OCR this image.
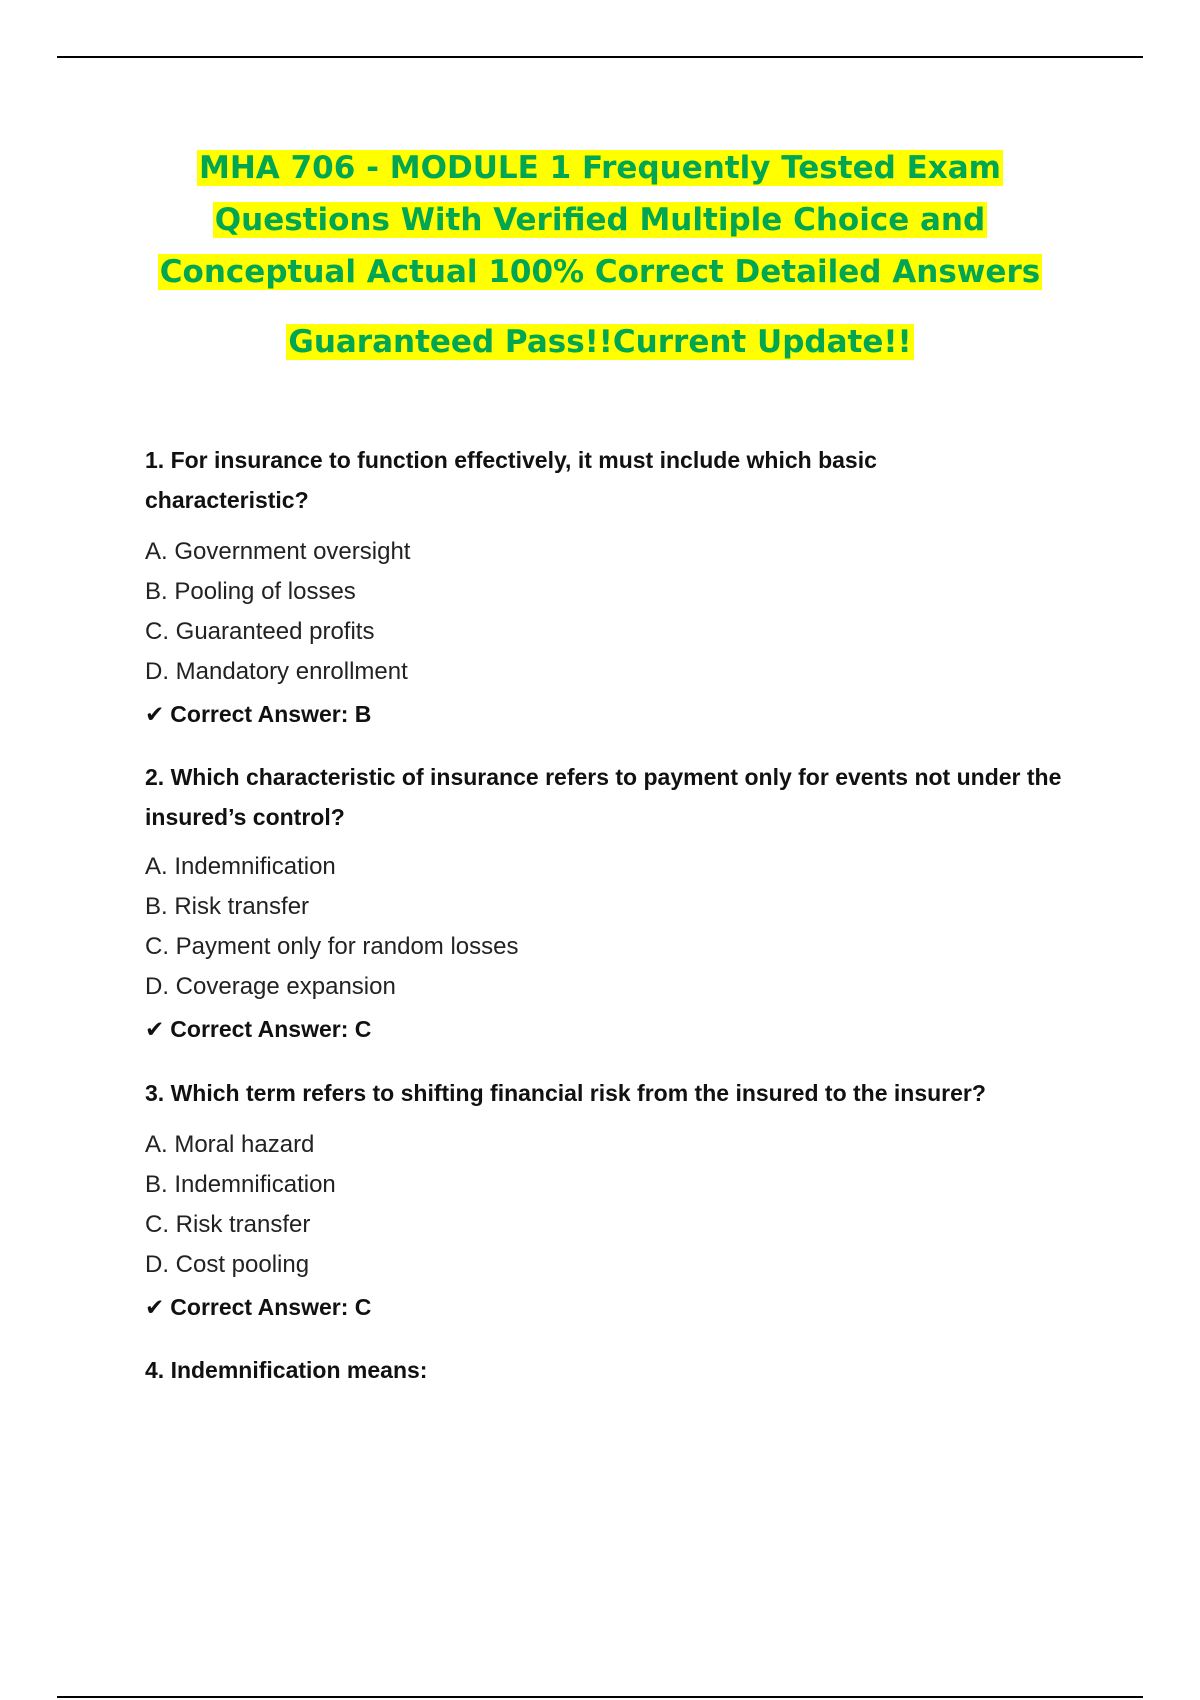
MHA 706 - MODULE 1 Frequently Tested Exam
Questions With Verified Multiple Choice and
Conceptual Actual 100% Correct Detailed Answers
Guaranteed Pass!!Current Update!!

1. For insurance to function effectively, it must include which basic characteristic?

A. Government oversight
B. Pooling of losses
C. Guaranteed profits
D. Mandatory enrollment

✔ Correct Answer: B

2. Which characteristic of insurance refers to payment only for events not under the insured’s control?

A. Indemnification
B. Risk transfer
C. Payment only for random losses
D. Coverage expansion

✔ Correct Answer: C

3. Which term refers to shifting financial risk from the insured to the insurer?

A. Moral hazard
B. Indemnification
C. Risk transfer
D. Cost pooling

✔ Correct Answer: C

4. Indemnification means:
